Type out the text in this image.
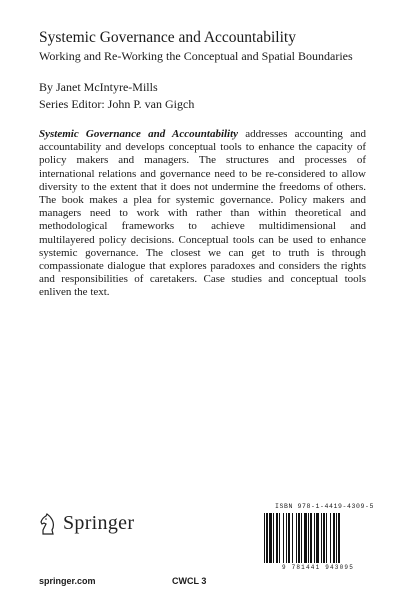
Systemic Governance and Accountability
Working and Re-Working the Conceptual and Spatial Boundaries
By Janet McIntyre-Mills
Series Editor: John P. van Gigch
Systemic Governance and Accountability addresses accounting and accountability and develops conceptual tools to enhance the capacity of policy makers and managers. The structures and processes of international relations and governance need to be re-considered to allow diversity to the extent that it does not undermine the freedoms of others. The book makes a plea for systemic governance. Policy makers and managers need to work with rather than within theoretical and methodological frameworks to achieve multidimensional and multilayered policy decisions. Conceptual tools can be used to enhance systemic governance. The closest we can get to truth is through compassionate dialogue that explores paradoxes and considers the rights and responsibilities of caretakers. Case studies and conceptual tools enliven the text.
Springer
ISBN 978-1-4419-4309-5
9 781441 943095
springer.com	CWCL 3
